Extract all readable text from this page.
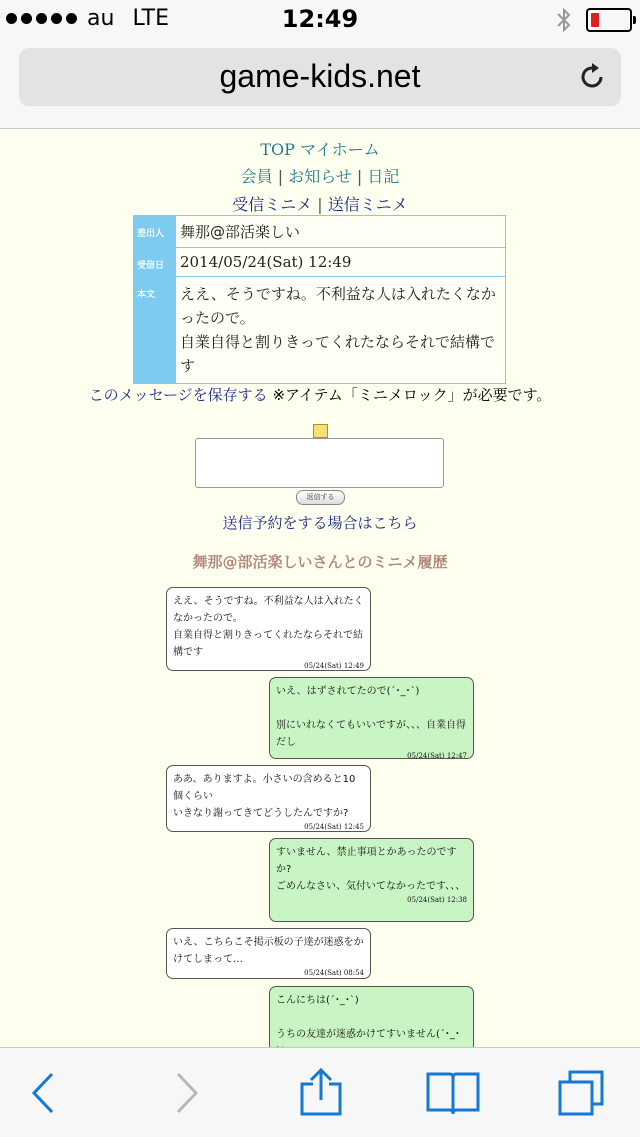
au LTE	12:49
game-kids.net
TOP マイホーム
会員 | お知らせ | 日記
受信ミニメ | 送信ミニメ
差出人	舞那@部活楽しい
受信日	2014/05/24(Sat) 12:49
本文	ええ、そうですね。不利益な人は入れたくなかったので。
自業自得と割りきってくれたならそれで結構です
このメッセージを保存する ※アイテム「ミニメロック」が必要です。
返信する
送信予約をする場合はこちら
舞那@部活楽しいさんとのミニメ履歴
ええ、そうですね。不利益な人は入れたくなかったので。
自業自得と割りきってくれたならそれで結構です
05/24(Sat) 12:49
いえ、はずされてたので(´･_･`)

別にいれなくてもいいですが、、、自業自得だし
05/24(Sat) 12:47
ああ、ありますよ。小さいの含めると10個くらい
いきなり謝ってきてどうしたんですか?
05/24(Sat) 12:45
すいません、禁止事項とかあったのですか?
ごめんなさい、気付いてなかったです、、、
05/24(Sat) 12:38
いえ、こちらこそ掲示板の子達が迷惑をかけてしまって…
05/24(Sat) 08:54
こんにちは(´･_･`)

うちの友達が迷惑かけてすいません(´･_･
